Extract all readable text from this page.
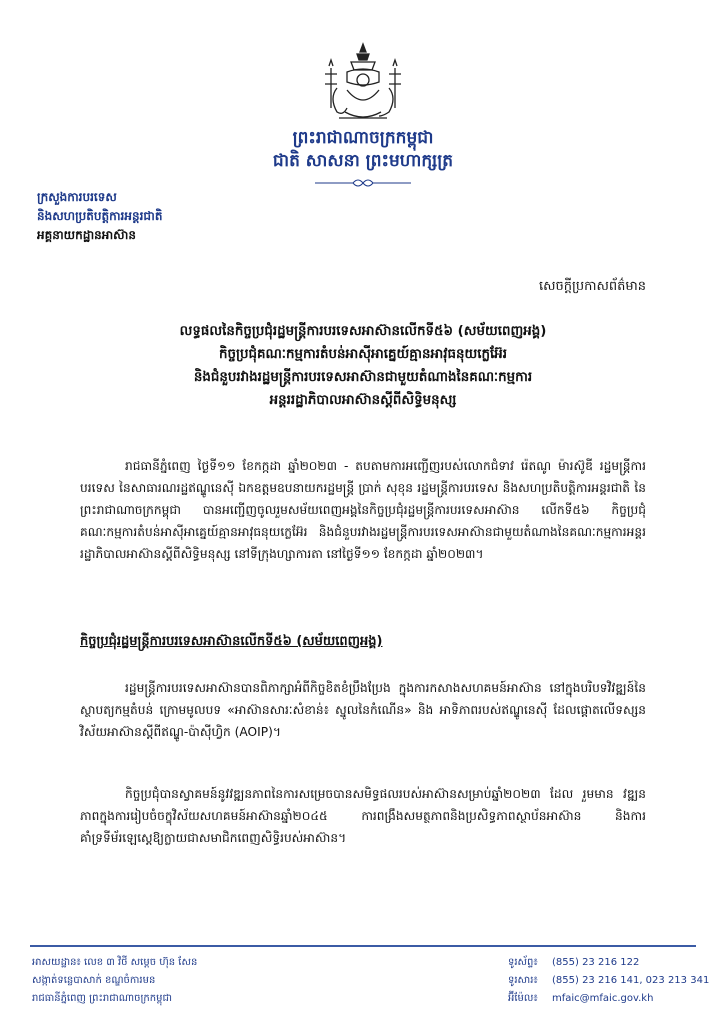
ព្រះរាជាណាចក្រកម្ពុជា
ជាតិ សាសនា ព្រះមហាក្សត្រ
ក្រសួងការបរទេស
និងសហប្រតិបត្តិការអន្តរជាតិ
អគ្គនាយកដ្ឋានអាស៊ាន
សេចក្តីប្រកាសព័ត៌មាន
លទ្ធផលនៃកិច្ចប្រជុំរដ្ឋមន្ត្រីការបរទេសអាស៊ានលើកទី៥៦ (សម័យពេញអង្គ)
កិច្ចប្រជុំគណៈកម្មការតំបន់អាស៊ីអាគ្នេយ៍គ្មានអាវុធនុយក្លេអ៊ែរ
និងជំនួបរវាងរដ្ឋមន្ត្រីការបរទេសអាស៊ានជាមួយតំណាងនៃគណៈកម្មការ
អន្តររដ្ឋាភិបាលអាស៊ានស្តីពីសិទ្ធិមនុស្ស
រាជធានីភ្នំពេញ ថ្ងៃទី១១ ខែកក្កដា ឆ្នាំ២០២៣ - តបតាមការអញ្ជើញរបស់លោកជំទាវ រ៉េតណូ ម៉ារស៊ូឌី រដ្ឋមន្ត្រីការបរទេស នៃសាធារណរដ្ឋឥណ្ឌូនេស៊ី ឯកឧត្តមឧបនាយករដ្ឋមន្ត្រី ប្រាក់ សុខុន រដ្ឋមន្ត្រីការបរទេស និងសហប្រតិបត្តិការអន្តរជាតិ នៃព្រះរាជាណាចក្រកម្ពុជា បានអញ្ជើញចូលរួមសម័យពេញអង្គនៃកិច្ចប្រជុំរដ្ឋមន្ត្រីការបរទេសអាស៊ាន លើកទី៥៦ កិច្ចប្រជុំគណៈកម្មការតំបន់អាស៊ីអាគ្នេយ៍គ្មានអាវុធនុយក្លេអ៊ែរ និងជំនួបរវាងរដ្ឋមន្ត្រីការបរទេសអាស៊ានជាមួយតំណាងនៃគណៈកម្មការអន្តររដ្ឋាភិបាលអាស៊ានស្តីពីសិទ្ធិមនុស្ស នៅទីក្រុងហ្សាការតា នៅថ្ងៃទី១១ ខែកក្កដា ឆ្នាំ២០២៣។
កិច្ចប្រជុំរដ្ឋមន្ត្រីការបរទេសអាស៊ានលើកទី៥៦ (សម័យពេញអង្គ)
រដ្ឋមន្ត្រីការបរទេសអាស៊ានបានពិភាក្សាអំពីកិច្ចខិតខំប្រឹងប្រែង ក្នុងការកសាងសហគមន៍អាស៊ាន នៅក្នុងបរិបទវិវឌ្ឍន៍នៃស្ថាបត្យកម្មតំបន់ ក្រោមមូលបទ «អាស៊ានសារៈសំខាន់៖ ស្នូលនៃកំណើន» និង អាទិភាពរបស់ឥណ្ឌូនេស៊ី ដែលផ្តោតលើទស្សនវិស័យអាស៊ានស្តីពីឥណ្ឌូ-ប៉ាស៊ីហ្វិក (AOIP)។
កិច្ចប្រជុំបានស្វាគមន៍នូវវឌ្ឍនភាពនៃការសម្រេចបានសមិទ្ធផលរបស់អាស៊ានសម្រាប់ឆ្នាំ២០២៣ ដែល រួមមាន វឌ្ឍនភាពក្នុងការរៀបចំចក្ខុវិស័យសហគមន៍អាស៊ានឆ្នាំ២០៤៥ ការពង្រឹងសមត្ថភាពនិងប្រសិទ្ធភាពស្ថាប័នអាស៊ាន និងការគាំទ្រទីម័រឡេស្តេឱ្យក្លាយជាសមាជិកពេញសិទ្ធិរបស់អាស៊ាន។
អាសយដ្ឋាន៖ លេខ ៣ វិថី សម្តេច ហ៊ុន សែន
សង្កាត់ទន្លេបាសាក់ ខណ្ឌចំការមន
រាជធានីភ្នំពេញ ព្រះរាជាណាចក្រកម្ពុជា
ទូរស័ព្ទ៖ (855) 23 216 122
ទូរសារ៖ (855) 23 216 141, 023 213 341
អ៊ីម៉ែល៖ mfaic@mfaic.gov.kh
